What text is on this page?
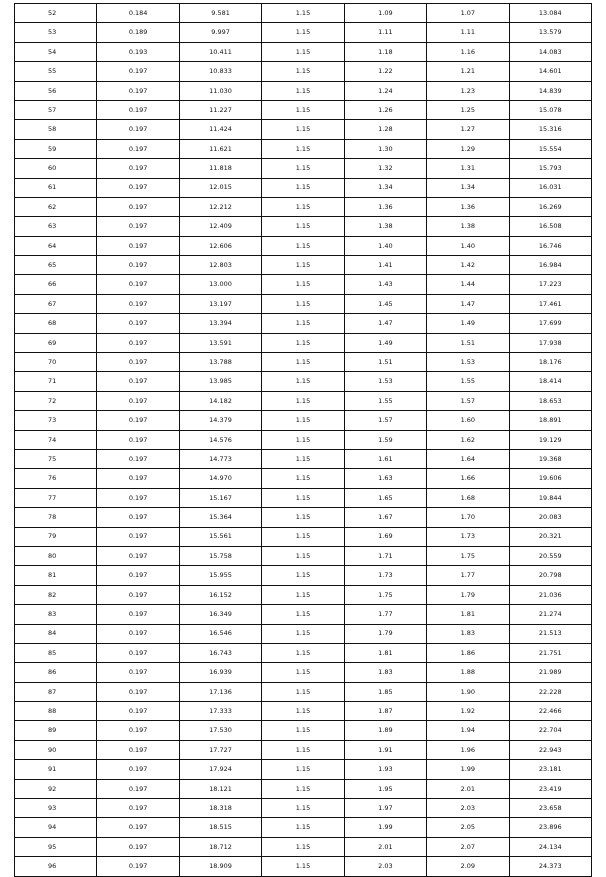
52	0.184	9.581	1.15	1.09	1.07	13.084
53	0.189	9.997	1.15	1.11	1.11	13.579
54	0.193	10.411	1.15	1.18	1.16	14.083
55	0.197	10.833	1.15	1.22	1.21	14.601
56	0.197	11.030	1.15	1.24	1.23	14.839
57	0.197	11.227	1.15	1.26	1.25	15.078
58	0.197	11.424	1.15	1.28	1.27	15.316
59	0.197	11.621	1.15	1.30	1.29	15.554
60	0.197	11.818	1.15	1.32	1.31	15.793
61	0.197	12.015	1.15	1.34	1.34	16.031
62	0.197	12.212	1.15	1.36	1.36	16.269
63	0.197	12.409	1.15	1.38	1.38	16.508
64	0.197	12.606	1.15	1.40	1.40	16.746
65	0.197	12.803	1.15	1.41	1.42	16.984
66	0.197	13.000	1.15	1.43	1.44	17.223
67	0.197	13.197	1.15	1.45	1.47	17.461
68	0.197	13.394	1.15	1.47	1.49	17.699
69	0.197	13.591	1.15	1.49	1.51	17.938
70	0.197	13.788	1.15	1.51	1.53	18.176
71	0.197	13.985	1.15	1.53	1.55	18.414
72	0.197	14.182	1.15	1.55	1.57	18.653
73	0.197	14.379	1.15	1.57	1.60	18.891
74	0.197	14.576	1.15	1.59	1.62	19.129
75	0.197	14.773	1.15	1.61	1.64	19.368
76	0.197	14.970	1.15	1.63	1.66	19.606
77	0.197	15.167	1.15	1.65	1.68	19.844
78	0.197	15.364	1.15	1.67	1.70	20.083
79	0.197	15.561	1.15	1.69	1.73	20.321
80	0.197	15.758	1.15	1.71	1.75	20.559
81	0.197	15.955	1.15	1.73	1.77	20.798
82	0.197	16.152	1.15	1.75	1.79	21.036
83	0.197	16.349	1.15	1.77	1.81	21.274
84	0.197	16.546	1.15	1.79	1.83	21.513
85	0.197	16.743	1.15	1.81	1.86	21.751
86	0.197	16.939	1.15	1.83	1.88	21.989
87	0.197	17.136	1.15	1.85	1.90	22.228
88	0.197	17.333	1.15	1.87	1.92	22.466
89	0.197	17.530	1.15	1.89	1.94	22.704
90	0.197	17.727	1.15	1.91	1.96	22.943
91	0.197	17.924	1.15	1.93	1.99	23.181
92	0.197	18.121	1.15	1.95	2.01	23.419
93	0.197	18.318	1.15	1.97	2.03	23.658
94	0.197	18.515	1.15	1.99	2.05	23.896
95	0.197	18.712	1.15	2.01	2.07	24.134
96	0.197	18.909	1.15	2.03	2.09	24.373
